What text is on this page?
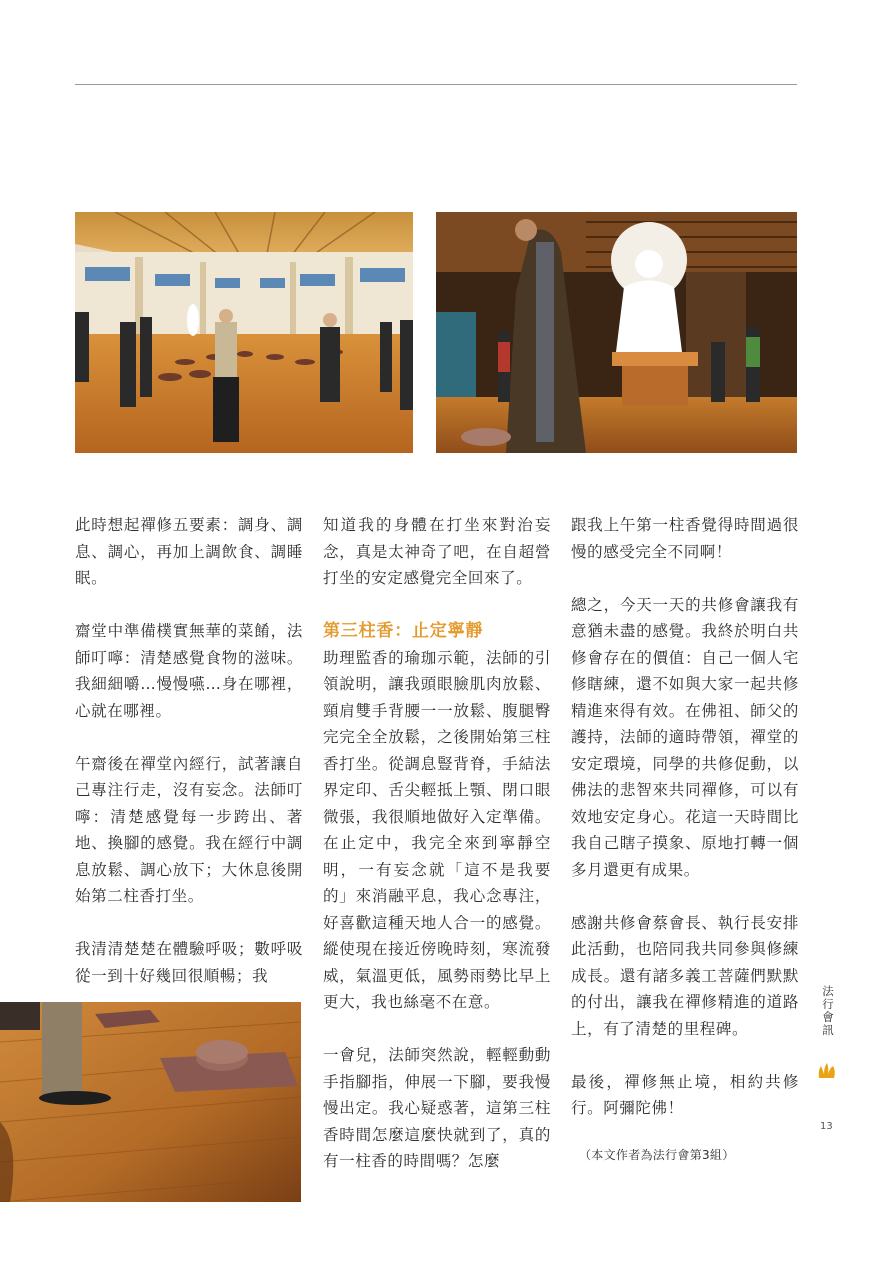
此時想起禪修五要素：調身、調息、調心，再加上調飲食、調睡眠。

齋堂中準備樸實無華的菜餚，法師叮嚀：清楚感覺食物的滋味。我細細嚼…慢慢嚥…身在哪裡，心就在哪裡。

午齋後在禪堂內經行，試著讓自己專注行走，沒有妄念。法師叮嚀：清楚感覺每一步跨出、著地、換腳的感覺。我在經行中調息放鬆、調心放下；大休息後開始第二柱香打坐。

我清清楚楚在體驗呼吸；數呼吸從一到十好幾回很順暢；我

知道我的身體在打坐來對治妄念，真是太神奇了吧，在自超營打坐的安定感覺完全回來了。

第三柱香：止定寧靜

助理監香的瑜珈示範，法師的引領說明，讓我頭眼臉肌肉放鬆、頸肩雙手背腰一一放鬆、腹腿臀完完全全放鬆，之後開始第三柱香打坐。從調息豎背脊，手結法界定印、舌尖輕抵上顎、閉口眼微張，我很順地做好入定準備。在止定中，我完全來到寧靜空明，一有妄念就「這不是我要的」來消融平息，我心念專注，好喜歡這種天地人合一的感覺。縱使現在接近傍晚時刻，寒流發威，氣溫更低，風勢雨勢比早上更大，我也絲毫不在意。

一會兒，法師突然說，輕輕動動手指腳指，伸展一下腳，要我慢慢出定。我心疑惑著，這第三柱香時間怎麼這麼快就到了，真的有一柱香的時間嗎？怎麼

跟我上午第一柱香覺得時間過很慢的感受完全不同啊！

總之，今天一天的共修會讓我有意猶未盡的感覺。我終於明白共修會存在的價值：自己一個人宅修瞎練，還不如與大家一起共修精進來得有效。在佛祖、師父的護持，法師的適時帶領，禪堂的安定環境，同學的共修促動，以佛法的悲智來共同禪修，可以有效地安定身心。花這一天時間比我自己瞎子摸象、原地打轉一個多月還更有成果。

感謝共修會蔡會長、執行長安排此活動，也陪同我共同參與修練成長。還有諸多義工菩薩們默默的付出，讓我在禪修精進的道路上，有了清楚的里程碑。

最後，禪修無止境，相約共修行。阿彌陀佛！

（本文作者為法行會第3組）
法行會訊
13
